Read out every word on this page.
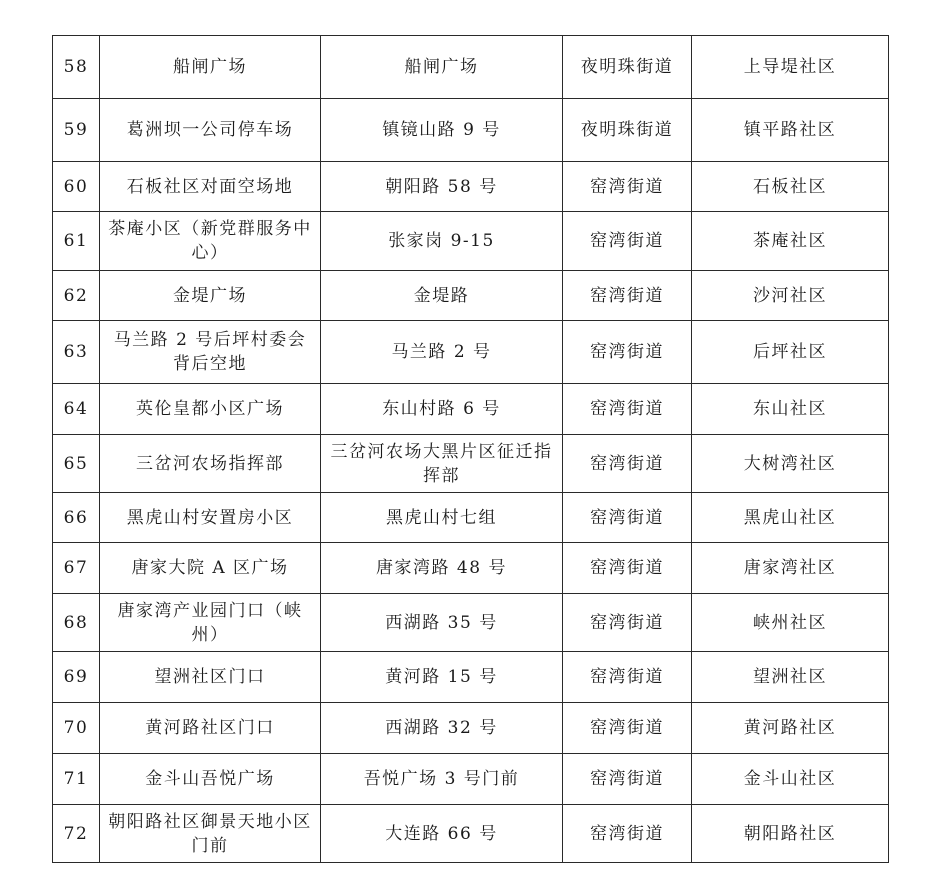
58	船闸广场	船闸广场	夜明珠街道	上导堤社区
59	葛洲坝一公司停车场	镇镜山路 9 号	夜明珠街道	镇平路社区
60	石板社区对面空场地	朝阳路 58 号	窑湾街道	石板社区
61	茶庵小区（新党群服务中心）	张家岗 9-15	窑湾街道	茶庵社区
62	金堤广场	金堤路	窑湾街道	沙河社区
63	马兰路 2 号后坪村委会背后空地	马兰路 2 号	窑湾街道	后坪社区
64	英伦皇都小区广场	东山村路 6 号	窑湾街道	东山社区
65	三岔河农场指挥部	三岔河农场大黑片区征迁指挥部	窑湾街道	大树湾社区
66	黑虎山村安置房小区	黑虎山村七组	窑湾街道	黑虎山社区
67	唐家大院 A 区广场	唐家湾路 48 号	窑湾街道	唐家湾社区
68	唐家湾产业园门口（峡州）	西湖路 35 号	窑湾街道	峡州社区
69	望洲社区门口	黄河路 15 号	窑湾街道	望洲社区
70	黄河路社区门口	西湖路 32 号	窑湾街道	黄河路社区
71	金斗山吾悦广场	吾悦广场 3 号门前	窑湾街道	金斗山社区
72	朝阳路社区御景天地小区门前	大连路 66 号	窑湾街道	朝阳路社区
